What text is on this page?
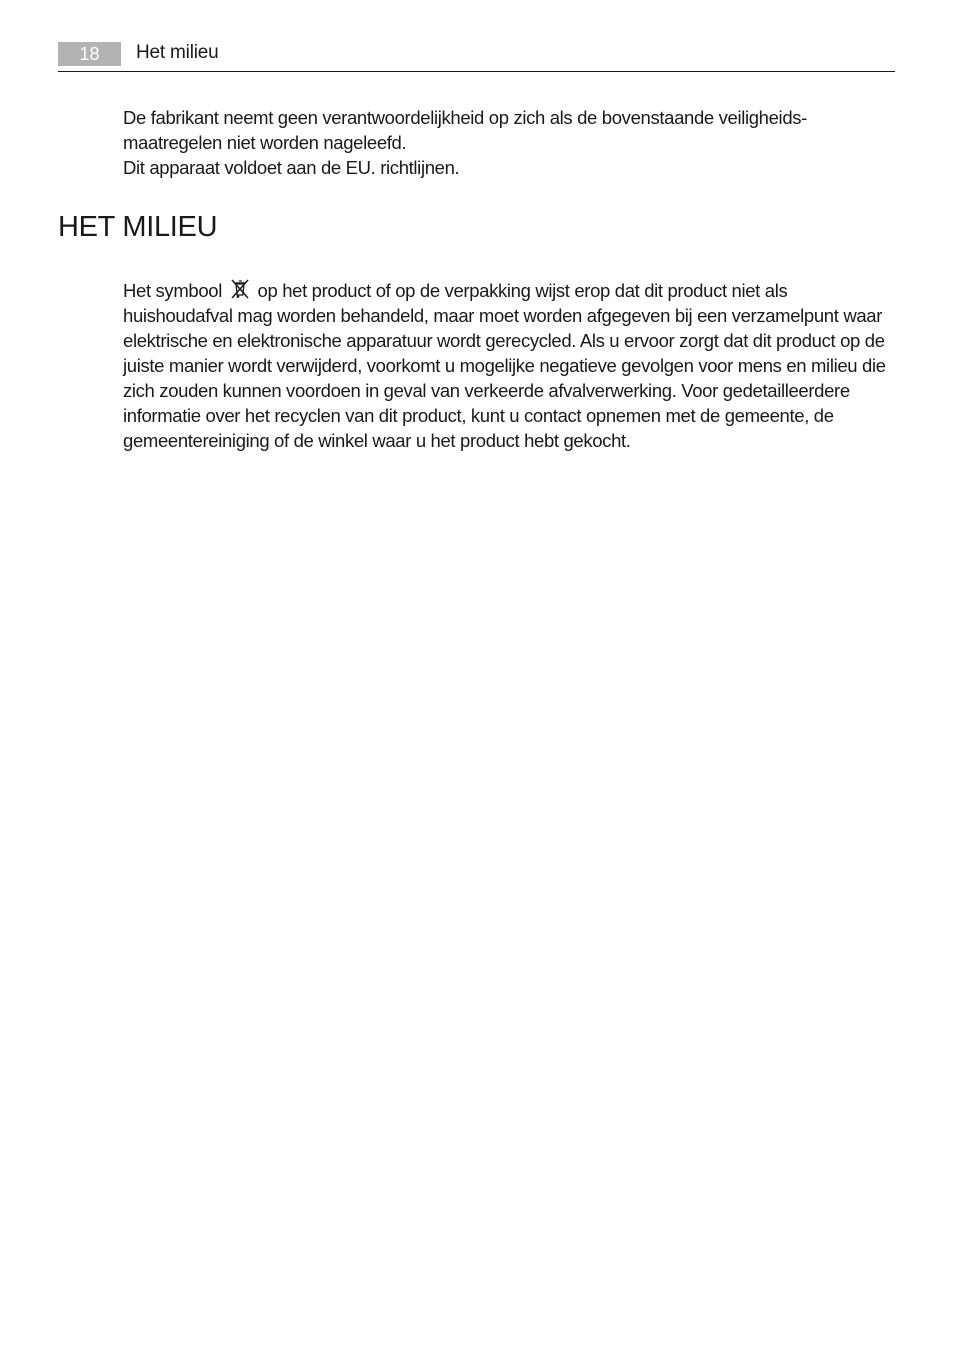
18	Het milieu

De fabrikant neemt geen verantwoordelijkheid op zich als de bovenstaande veiligheids-
maatregelen niet worden nageleefd.
Dit apparaat voldoet aan de EU. richtlijnen.

HET MILIEU

Het symbool
op het product of op de verpakking wijst erop dat dit product niet als huishoudafval mag worden behandeld, maar moet worden afgegeven bij een verzamelpunt waar elektrische en elektronische apparatuur wordt gerecycled. Als u ervoor zorgt dat dit product op de juiste manier wordt verwijderd, voorkomt u mogelijke negatieve gevolgen voor mens en milieu die zich zouden kunnen voordoen in geval van verkeerde afvalverwerking. Voor gedetailleerdere informatie over het recyclen van dit product, kunt u contact opnemen met de gemeente, de gemeentereiniging of de winkel waar u het product hebt gekocht.
